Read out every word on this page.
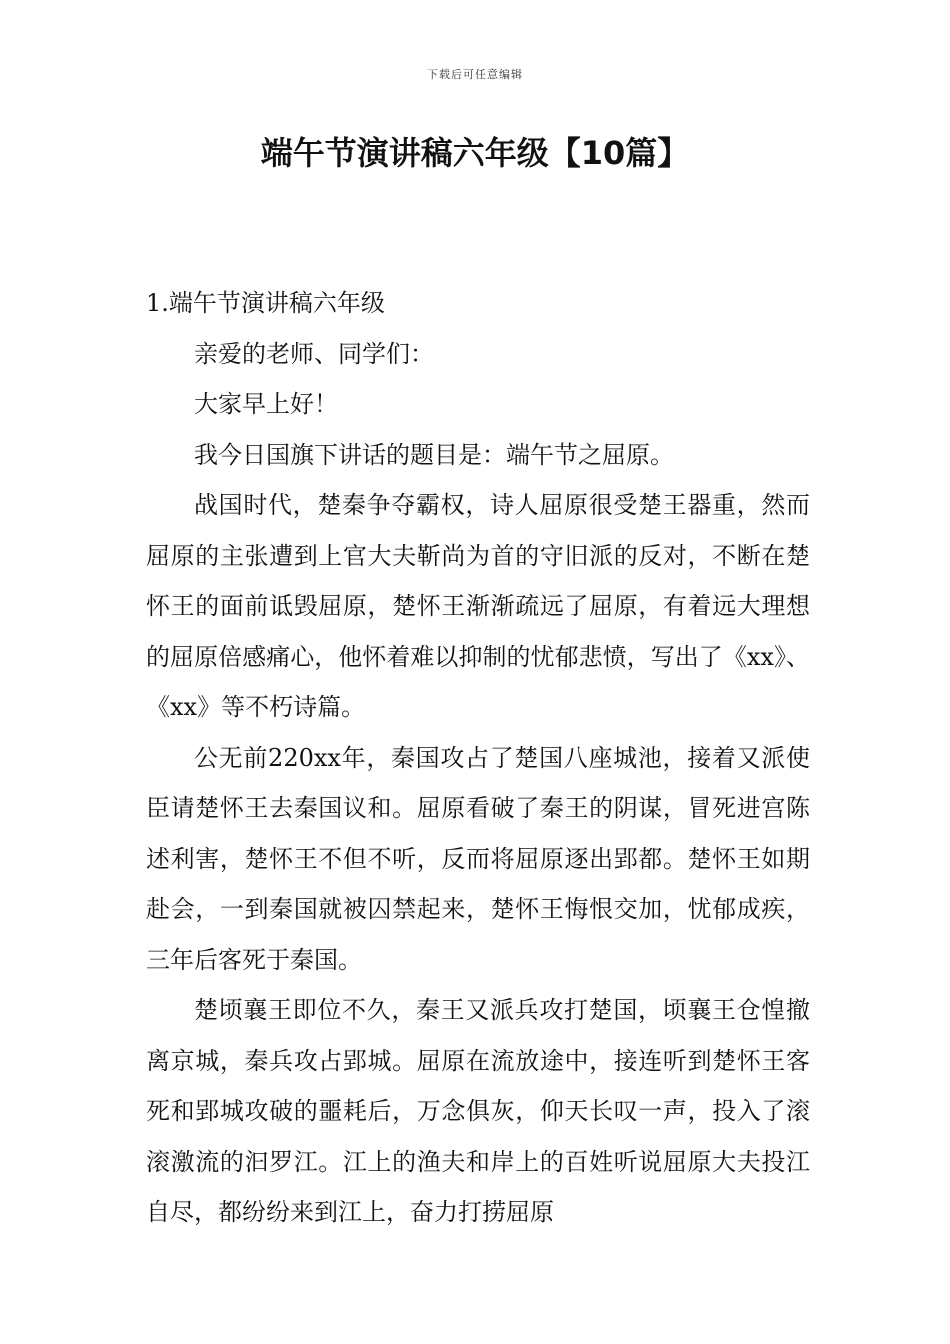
下载后可任意编辑
端午节演讲稿六年级【10篇】

1.端午节演讲稿六年级

亲爱的老师、同学们：

大家早上好！

我今日国旗下讲话的题目是：端午节之屈原。

战国时代，楚秦争夺霸权，诗人屈原很受楚王器重，然而屈原的主张遭到上官大夫靳尚为首的守旧派的反对，不断在楚怀王的面前诋毁屈原，楚怀王渐渐疏远了屈原，有着远大理想的屈原倍感痛心，他怀着难以抑制的忧郁悲愤，写出了《xx》、《xx》等不朽诗篇。

公无前220xx年，秦国攻占了楚国八座城池，接着又派使臣请楚怀王去秦国议和。屈原看破了秦王的阴谋，冒死进宫陈述利害，楚怀王不但不听，反而将屈原逐出郢都。楚怀王如期赴会，一到秦国就被囚禁起来，楚怀王悔恨交加，忧郁成疾，三年后客死于秦国。

楚顷襄王即位不久，秦王又派兵攻打楚国，顷襄王仓惶撤离京城，秦兵攻占郢城。屈原在流放途中，接连听到楚怀王客死和郢城攻破的噩耗后，万念俱灰，仰天长叹一声，投入了滚滚激流的汩罗江。江上的渔夫和岸上的百姓听说屈原大夫投江自尽，都纷纷来到江上，奋力打捞屈原
